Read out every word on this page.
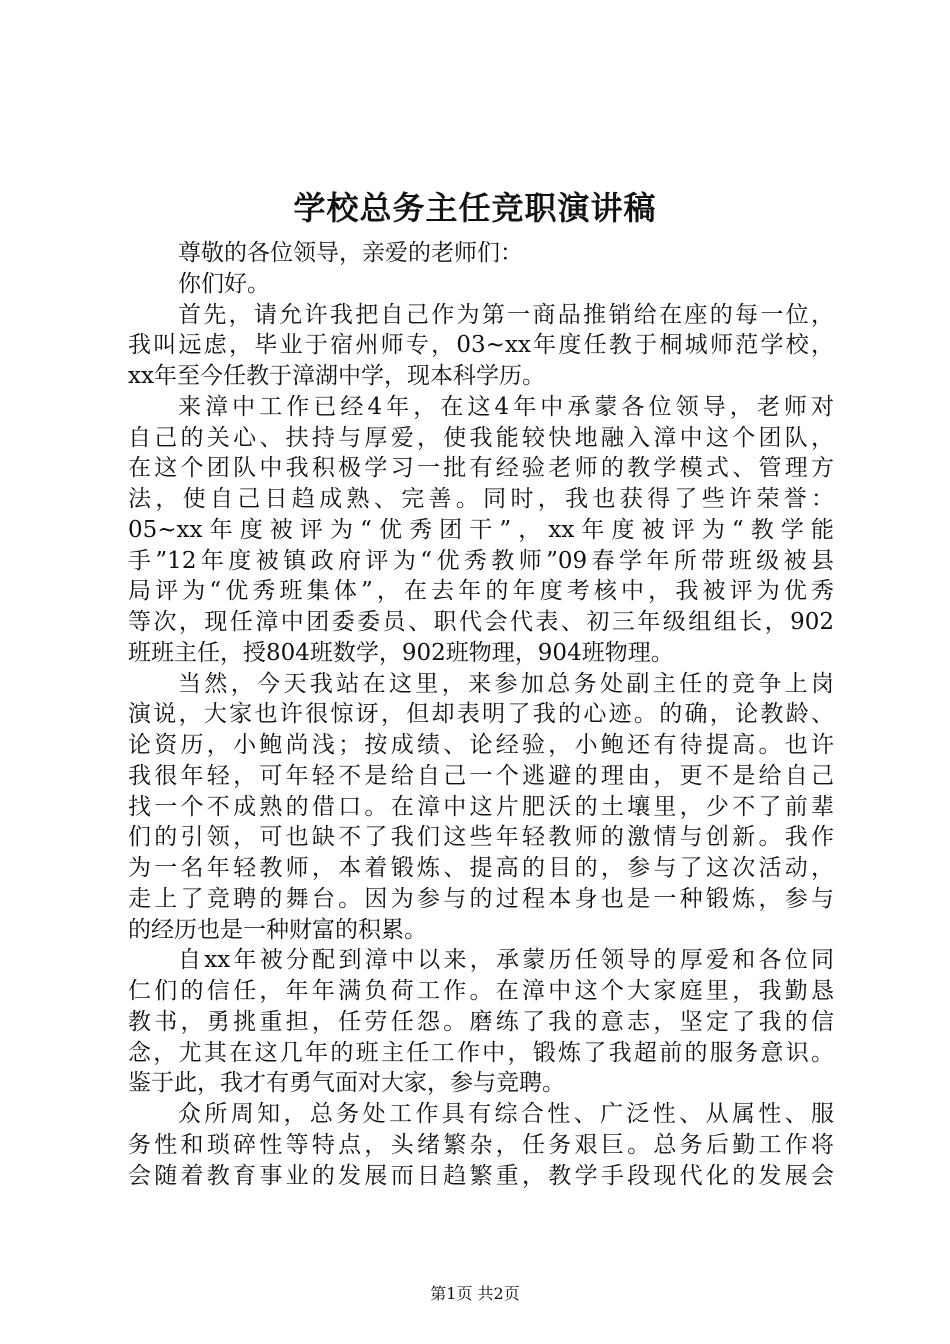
学校总务主任竞职演讲稿
尊敬的各位领导，亲爱的老师们：
你们好。
首先，请允许我把自己作为第一商品推销给在座的每一位，
我叫远虑，毕业于宿州师专，03~xx年度任教于桐城师范学校，
xx年至今任教于漳湖中学，现本科学历。
来漳中工作已经4年，在这4年中承蒙各位领导，老师对
自己的关心、扶持与厚爱，使我能较快地融入漳中这个团队，
在这个团队中我积极学习一批有经验老师的教学模式、管理方
法，使自己日趋成熟、完善。同时，我也获得了些许荣誉：
05~xx年度被评为“优秀团干”，xx年度被评为“教学能
手”12年度被镇政府评为“优秀教师”09春学年所带班级被县
局评为“优秀班集体”，在去年的年度考核中，我被评为优秀
等次，现任漳中团委委员、职代会代表、初三年级组组长，902
班班主任，授804班数学，902班物理，904班物理。
当然，今天我站在这里，来参加总务处副主任的竞争上岗
演说，大家也许很惊讶，但却表明了我的心迹。的确，论教龄、
论资历，小鲍尚浅；按成绩、论经验，小鲍还有待提高。也许
我很年轻，可年轻不是给自己一个逃避的理由，更不是给自己
找一个不成熟的借口。在漳中这片肥沃的土壤里，少不了前辈
们的引领，可也缺不了我们这些年轻教师的激情与创新。我作
为一名年轻教师，本着锻炼、提高的目的，参与了这次活动，
走上了竞聘的舞台。因为参与的过程本身也是一种锻炼，参与
的经历也是一种财富的积累。
自xx年被分配到漳中以来，承蒙历任领导的厚爱和各位同
仁们的信任，年年满负荷工作。在漳中这个大家庭里，我勤恳
教书，勇挑重担，任劳任怨。磨练了我的意志，坚定了我的信
念，尤其在这几年的班主任工作中，锻炼了我超前的服务意识。
鉴于此，我才有勇气面对大家，参与竞聘。
众所周知，总务处工作具有综合性、广泛性、从属性、服
务性和琐碎性等特点，头绪繁杂，任务艰巨。总务后勤工作将
会随着教育事业的发展而日趋繁重，教学手段现代化的发展会
第1页 共2页
